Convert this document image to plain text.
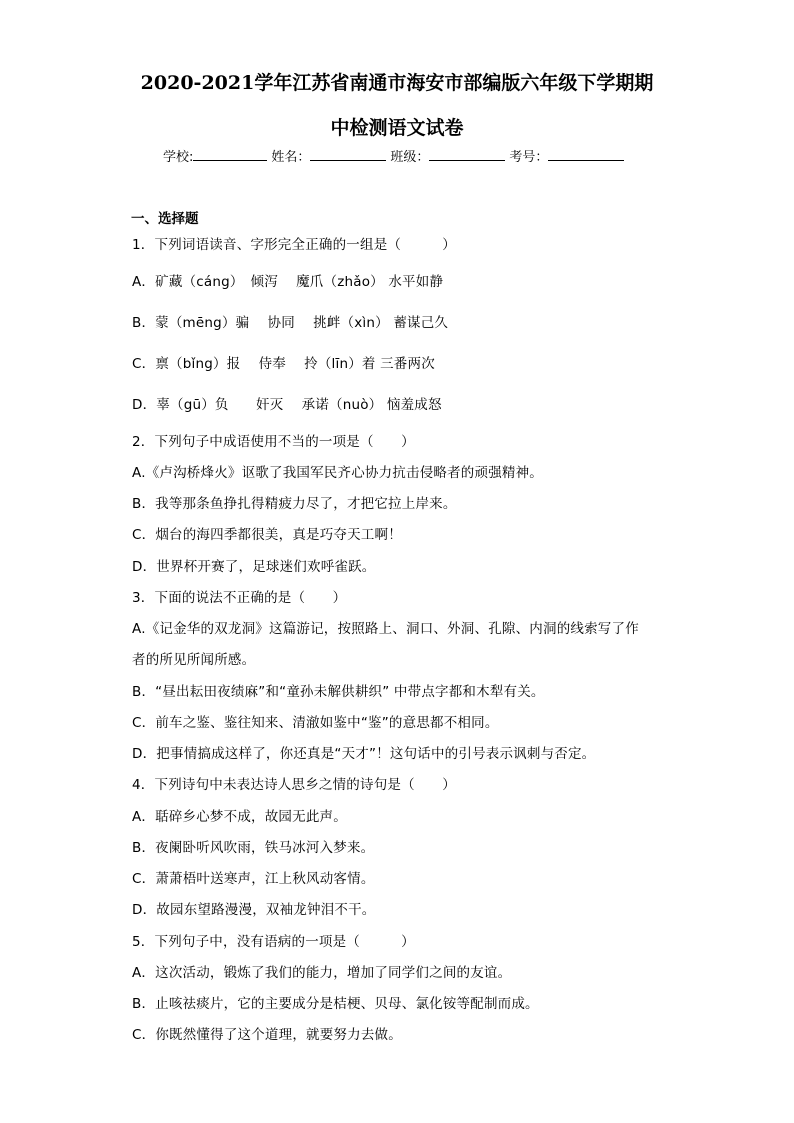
2020-2021学年江苏省南通市海安市部编版六年级下学期期
中检测语文试卷
学校:	姓名：	班级：	考号：
一、选择题
1．下列词语读音、字形完全正确的一组是（　　　）
A．矿藏（cáng）　倾泻　 魔爪（zhǎo） 水平如静
B．蒙（mēng）骗　 协同　 挑衅（xìn） 蓄谋己久
C．禀（bǐng）报　 侍奉　 拎（līn）着 三番两次
D．辜（gū）负　　奸灭　 承诺（nuò） 恼羞成怒
2．下列句子中成语使用不当的一项是（　　）
A.《卢沟桥烽火》讴歌了我国军民齐心协力抗击侵略者的顽强精神。
B．我等那条鱼挣扎得精疲力尽了，才把它拉上岸来。
C．烟台的海四季都很美，真是巧夺天工啊！
D．世界杯开赛了，足球迷们欢呼雀跃。
3．下面的说法不正确的是（　　）
A.《记金华的双龙洞》这篇游记，按照路上、洞口、外洞、孔隙、内洞的线索写了作
者的所见所闻所感。
B．“昼出耘田夜绩麻”和“童孙未解供耕织” 中带点字都和木犁有关。
C．前车之鉴、鉴往知来、清澈如鉴中“鉴”的意思都不相同。
D．把事情搞成这样了，你还真是“天才”！这句话中的引号表示讽刺与否定。
4．下列诗句中未表达诗人思乡之情的诗句是（　　）
A．聒碎乡心梦不成，故园无此声。
B．夜阑卧听风吹雨，铁马冰河入梦来。
C．萧萧梧叶送寒声，江上秋风动客情。
D．故园东望路漫漫，双袖龙钟泪不干。
5．下列句子中，没有语病的一项是（　　　）
A．这次活动，锻炼了我们的能力，增加了同学们之间的友谊。
B．止咳祛痰片，它的主要成分是桔梗、贝母、氯化铵等配制而成。
C．你既然懂得了这个道理，就要努力去做。
